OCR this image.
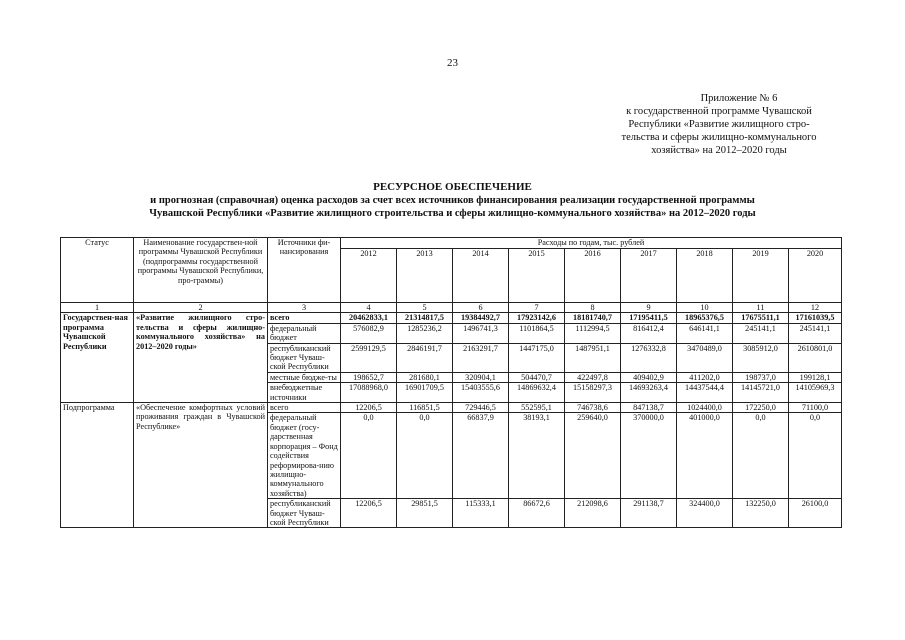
23
Приложение № 6
к государственной программе Чувашской
Республики «Развитие жилищного стро-
тельства и сферы жилищно-коммунального
хозяйства» на 2012–2020 годы
РЕСУРСНОЕ ОБЕСПЕЧЕНИЕ
и прогнозная (справочная) оценка расходов за счет всех источников финансирования реализации государственной программы
Чувашской Республики «Развитие жилищного строительства и сферы жилищно-коммунального хозяйства» на 2012–2020 годы
Статус	Наименование государствен-ной программы Чувашской Республики (подпрограммы государственной программы Чувашской Республики, про-граммы)	Источники фи-нансирования	Расходы по годам, тыс. рублей								
			2012	2013	2014	2015	2016	2017	2018	2019	2020
1	2	3	4	5	6	7	8	9	10	11	12
Государствен-ная программа Чувашской Республики	«Развитие жилищного стро-тельства и сферы жилищно-коммунального хозяйства» на 2012–2020 годы»	всего	20462833,1	21314817,5	19384492,7	17923142,6	18181740,7	17195411,5	18965376,5	17675511,1	17161039,5
		федеральный бюджет	576082,9	1285236,2	1496741,3	1101864,5	1112994,5	816412,4	646141,1	245141,1	245141,1
		республиканский бюджет Чуваш-ской Республики	2599129,5	2846191,7	2163291,7	1447175,0	1487951,1	1276332,8	3470489,0	3085912,0	2610801,0
		местные бюдже-ты	198652,7	281680,1	320904,1	504470,7	422497,8	409402,9	411202,0	198737,0	199128,1
		внебюджетные источники	17088968,0	16901709,5	15403555,6	14869632,4	15158297,3	14693263,4	14437544,4	14145721,0	14105969,3
Подпрограмма	«Обеспечение комфортных условий проживания граждан в Чувашской Республике»	всего	12206,5	116851,5	729446,5	552595,1	746738,6	847138,7	1024400,0	172250,0	71100,0
		федеральный бюджет (госу-дарственная корпорация – Фонд содействия реформирова-нию жилищно-коммунального хозяйства)	0,0	0,0	66837,9	38193,1	259640,0	370000,0	401000,0	0,0	0,0
		республиканский бюджет Чуваш-ской Республики	12206,5	29851,5	115333,1	86672,6	212098,6	291138,7	324400,0	132250,0	26100,0
